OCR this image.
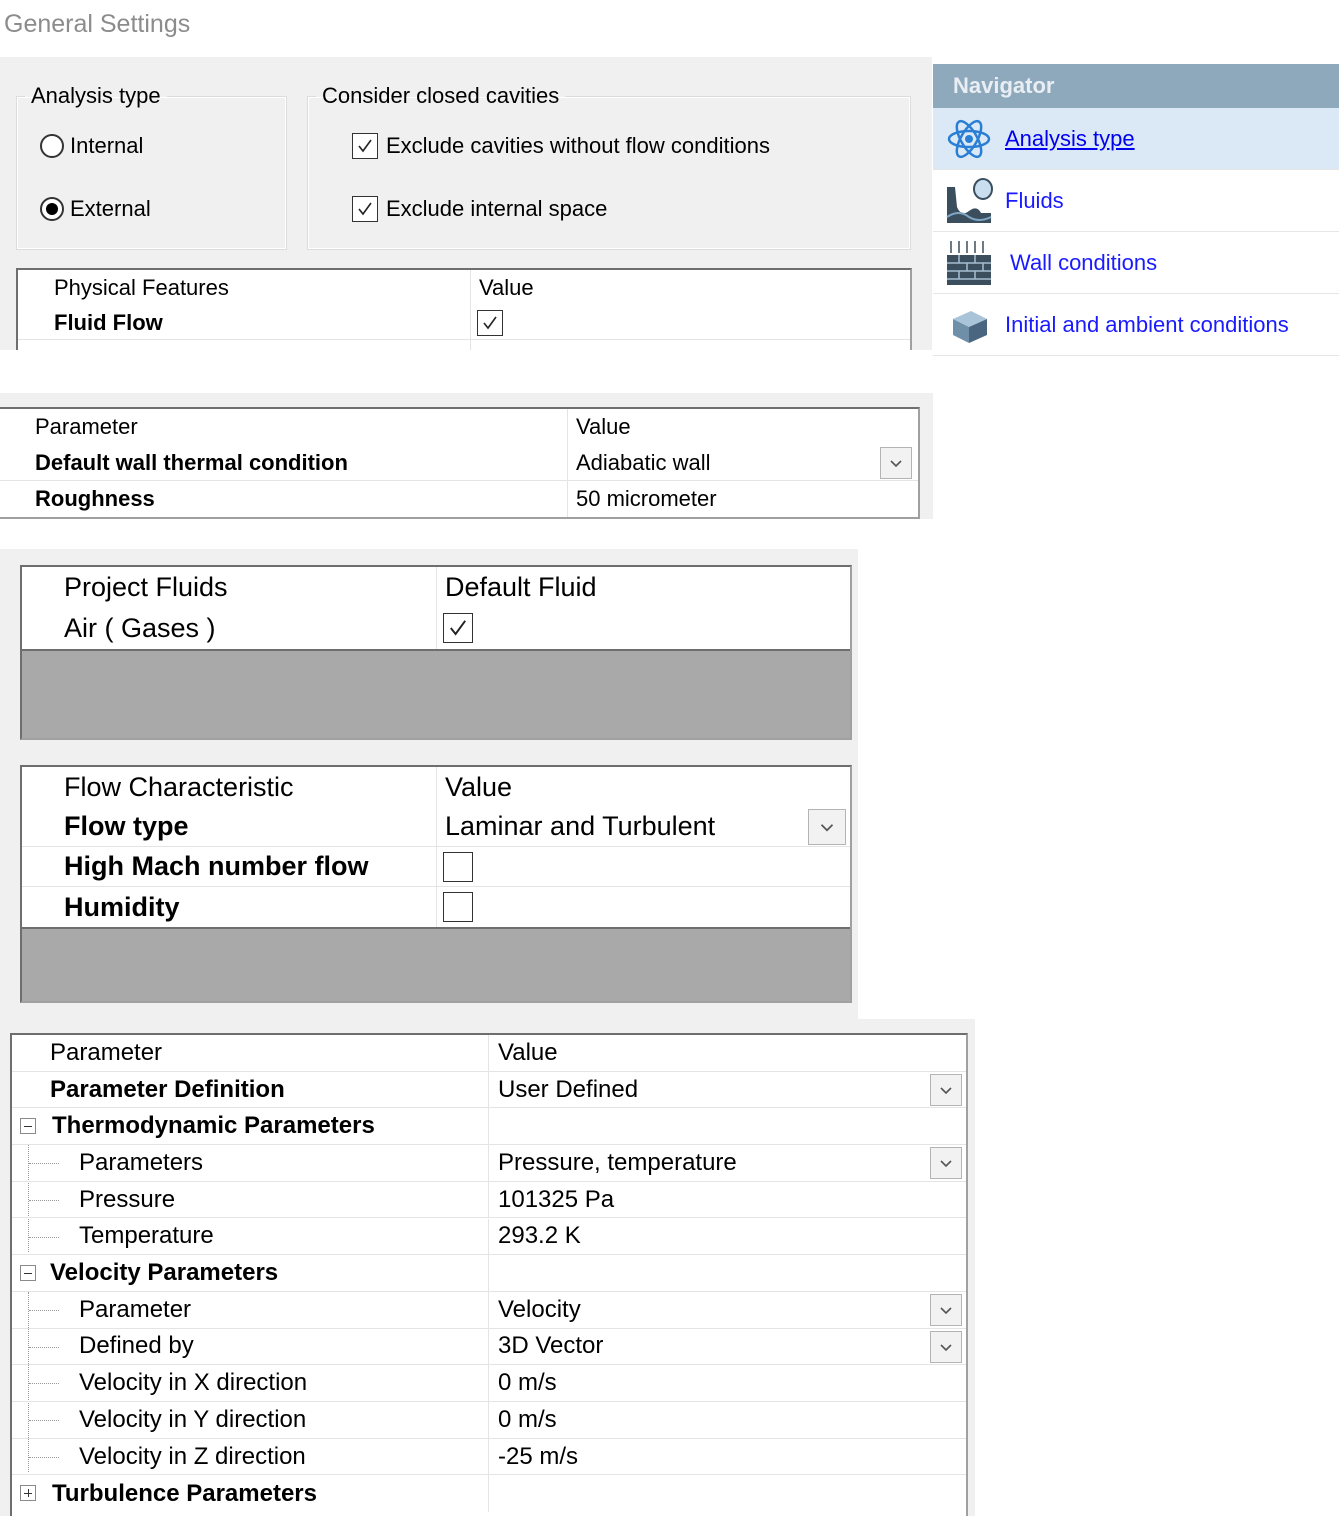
General Settings
Analysis type
Internal
External
Consider closed cavities
Exclude cavities without flow conditions
Exclude internal space
Physical Features	Value
Fluid Flow
Navigator
Analysis type
Fluids
Wall conditions
Initial and ambient conditions
Parameter	Value
Default wall thermal condition	Adiabatic wall
Roughness	50 micrometer
Project Fluids	Default Fluid
Air ( Gases )
Flow Characteristic	Value
Flow type	Laminar and Turbulent
High Mach number flow
Humidity
Parameter	Value
Parameter Definition	User Defined
Thermodynamic Parameters
Parameters	Pressure, temperature
Pressure	101325 Pa
Temperature	293.2 K
Velocity Parameters
Parameter	Velocity
Defined by	3D Vector
Velocity in X direction	0 m/s
Velocity in Y direction	0 m/s
Velocity in Z direction	-25 m/s
Turbulence Parameters
